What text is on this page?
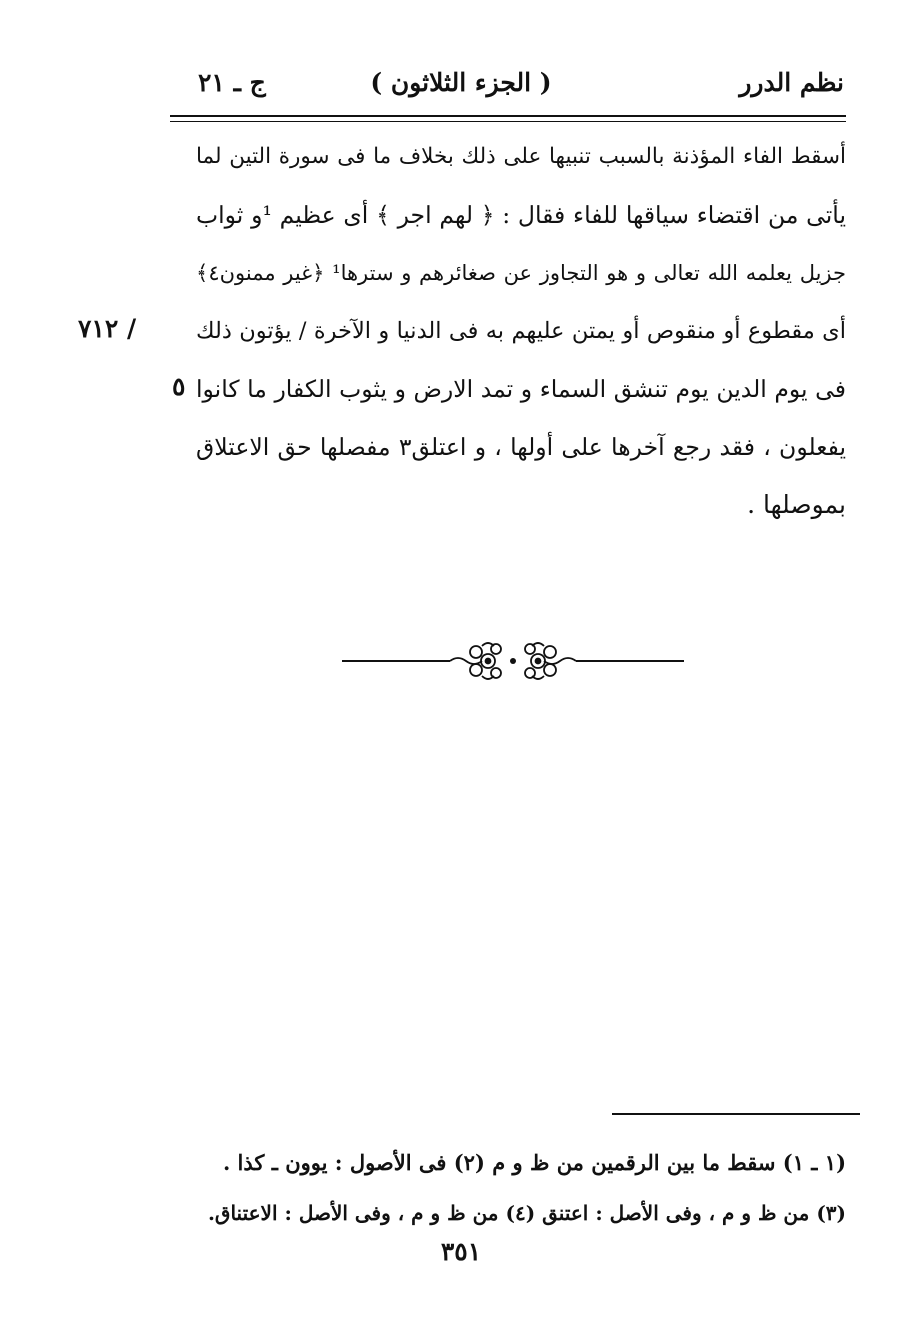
نظم الدرر
( الجزء الثلاثون )
ج ـ ٢١
أسقط الفاء المؤذنة بالسبب تنبيها على ذلك بخلاف ما فى سورة التين لما
يأتى من اقتضاء سياقها للفاء فقال : ﴿ لهم اجر ﴾ أى عظيم ¹و ثواب
جزيل يعلمه الله تعالى و هو التجاوز عن صغائرهم و سترها¹ ﴿غير ممنون٤﴾
أى مقطوع أو منقوص أو يمتن عليهم به فى الدنيا و الآخرة / يؤتون ذلك
فى يوم الدين يوم تنشق السماء و تمد الارض و يثوب الكفار ما كانوا
يفعلون ، فقد رجع آخرها على أولها ، و اعتلق٣ مفصلها حق الاعتلاق
بموصلها .
٧١٢ /
٥
(١ ـ ١) سقط ما بين الرقمين من ظ و م (٢) فى الأصول : يوون ـ كذا .
(٣) من ظ و م ، وفى الأصل : اعتنق (٤) من ظ و م ، وفى الأصل : الاعتناق.
٣٥١
